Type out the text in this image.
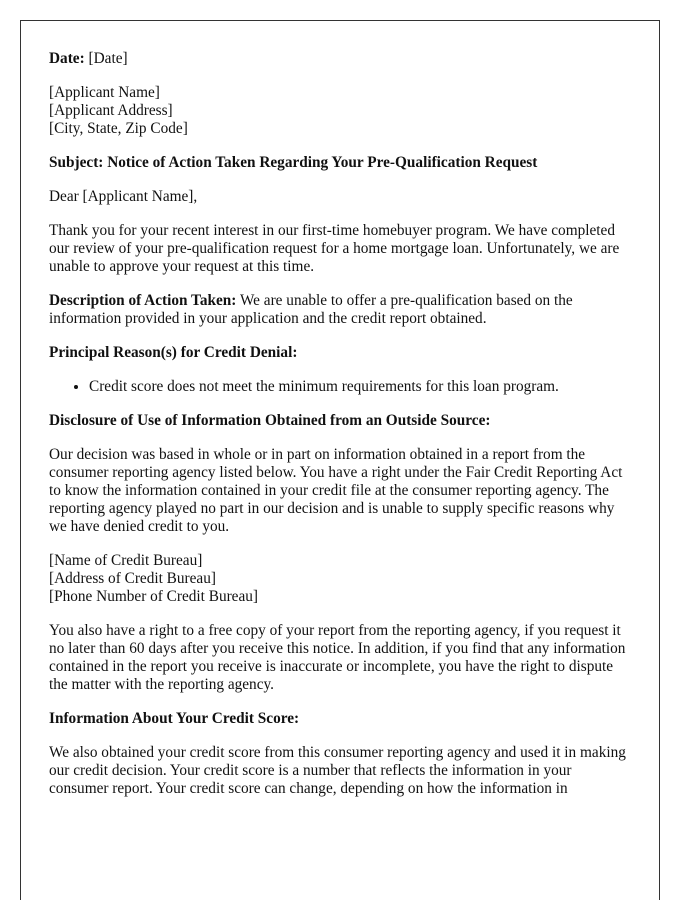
Date: [Date]

[Applicant Name]
[Applicant Address]
[City, State, Zip Code]

Subject: Notice of Action Taken Regarding Your Pre-Qualification Request

Dear [Applicant Name],

Thank you for your recent interest in our first-time homebuyer program. We have completed our review of your pre-qualification request for a home mortgage loan. Unfortunately, we are unable to approve your request at this time.

Description of Action Taken: We are unable to offer a pre-qualification based on the information provided in your application and the credit report obtained.

Principal Reason(s) for Credit Denial:

• Credit score does not meet the minimum requirements for this loan program.

Disclosure of Use of Information Obtained from an Outside Source:

Our decision was based in whole or in part on information obtained in a report from the consumer reporting agency listed below. You have a right under the Fair Credit Reporting Act to know the information contained in your credit file at the consumer reporting agency. The reporting agency played no part in our decision and is unable to supply specific reasons why we have denied credit to you.

[Name of Credit Bureau]
[Address of Credit Bureau]
[Phone Number of Credit Bureau]

You also have a right to a free copy of your report from the reporting agency, if you request it no later than 60 days after you receive this notice. In addition, if you find that any information contained in the report you receive is inaccurate or incomplete, you have the right to dispute the matter with the reporting agency.

Information About Your Credit Score:

We also obtained your credit score from this consumer reporting agency and used it in making our credit decision. Your credit score is a number that reflects the information in your consumer report. Your credit score can change, depending on how the information in
